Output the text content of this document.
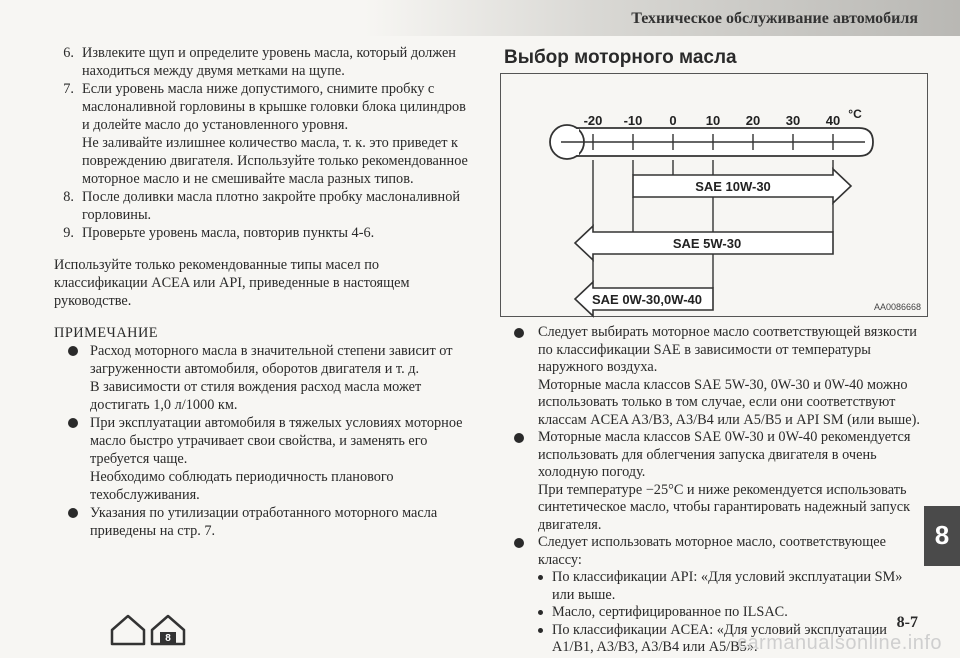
Техническое обслуживание автомобиля
6. Извлеките щуп и определите уровень масла, который должен находиться между двумя метками на щупе.
7. Если уровень масла ниже допустимого, снимите пробку с маслоналивной горловины в крышке головки блока цилиндров и долейте масло до установленного уровня.
Не заливайте излишнее количество масла, т. к. это приведет к повреждению двигателя. Используйте только рекомендованное моторное масло и не смешивайте масла разных типов.
8. После доливки масла плотно закройте пробку маслоналивной горловины.
9. Проверьте уровень масла, повторив пункты 4-6.
Используйте только рекомендованные типы масел по классификации ACEA или API, приведенные в настоящем руководстве.
ПРИМЕЧАНИЕ
Расход моторного масла в значительной степени зависит от загруженности автомобиля, оборотов двигателя и т. д.
В зависимости от стиля вождения расход масла может достигать 1,0 л/1000 км.
При эксплуатации автомобиля в тяжелых условиях моторное масло быстро утрачивает свои свойства, и заменять его требуется чаще.
Необходимо соблюдать периодичность планового техобслуживания.
Указания по утилизации отработанного моторного масла приведены на стр. 7.
Выбор моторного масла
-20 -10 0 10 20 30 40 °C
SAE 10W-30
SAE 5W-30
SAE 0W-30,0W-40	AA0086668
Следует выбирать моторное масло соответствующей вязкости по классификации SAE в зависимости от температуры наружного воздуха.
Моторные масла классов SAE 5W-30, 0W-30 и 0W-40 можно использовать только в том случае, если они соответствуют классам ACEA A3/B3, A3/B4 или A5/B5 и API SM (или выше).
Моторные масла классов SAE 0W-30 и 0W-40 рекомендуется использовать для облегчения запуска двигателя в очень холодную погоду.
При температуре −25°C и ниже рекомендуется использовать синтетическое масло, чтобы гарантировать надежный запуск двигателя.
Следует использовать моторное масло, соответствующее классу:
По классификации API: «Для условий эксплуатации SM» или выше.
Масло, сертифицированное по ILSAC.
По классификации ACEA: «Для условий эксплуатации A1/B1, A3/B3, A3/B4 или A5/B5».
8
8-7
8	carmanualsonline.info
